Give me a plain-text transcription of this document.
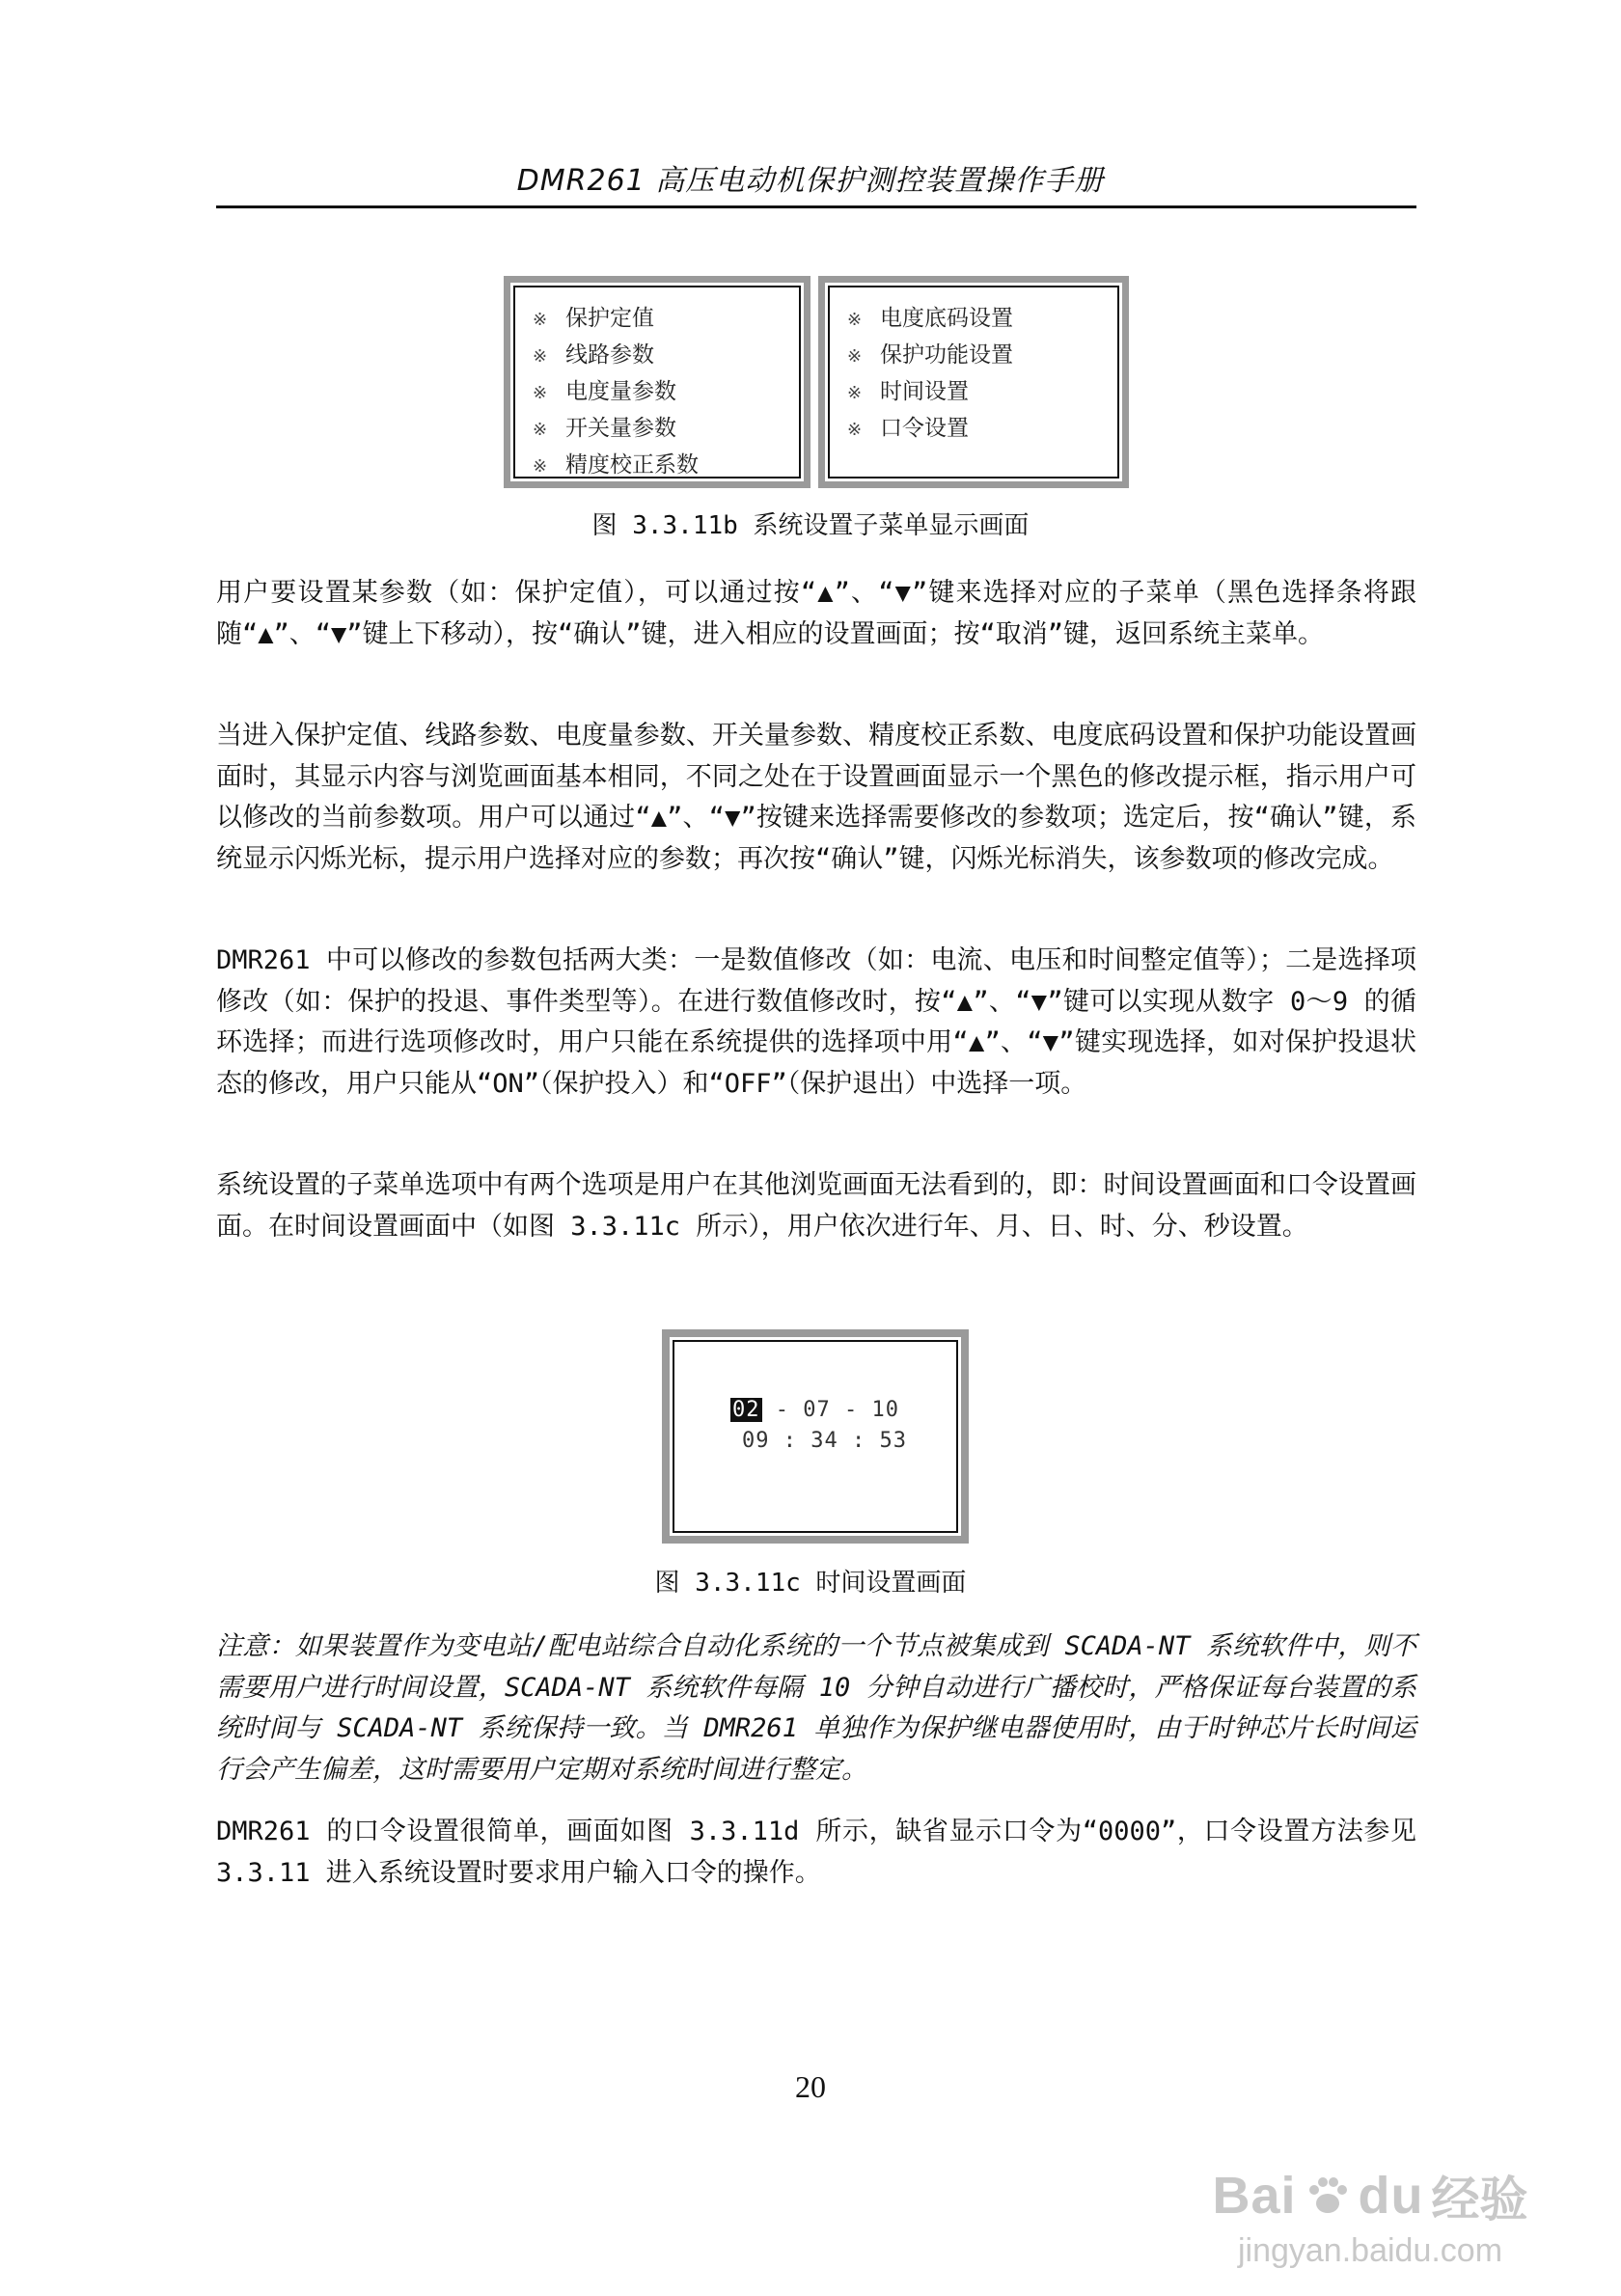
DMR261 高压电动机保护测控装置操作手册
※ 保护定值
※ 线路参数
※ 电度量参数
※ 开关量参数
※ 精度校正系数
※ 电度底码设置
※ 保护功能设置
※ 时间设置
※ 口令设置
图 3.3.11b 系统设置子菜单显示画面

用户要设置某参数（如：保护定值），可以通过按“▲”、“▼”键来选择对应的子菜单（黑色选择条将跟随“▲”、“▼”键上下移动），按“确认”键，进入相应的设置画面；按“取消”键，返回系统主菜单。

当进入保护定值、线路参数、电度量参数、开关量参数、精度校正系数、电度底码设置和保护功能设置画面时，其显示内容与浏览画面基本相同，不同之处在于设置画面显示一个黑色的修改提示框，指示用户可以修改的当前参数项。用户可以通过“▲”、“▼”按键来选择需要修改的参数项；选定后，按“确认”键，系统显示闪烁光标，提示用户选择对应的参数；再次按“确认”键，闪烁光标消失，该参数项的修改完成。

DMR261 中可以修改的参数包括两大类：一是数值修改（如：电流、电压和时间整定值等）；二是选择项修改（如：保护的投退、事件类型等）。在进行数值修改时，按“▲”、“▼”键可以实现从数字 0～9 的循环选择；而进行选项修改时，用户只能在系统提供的选择项中用“▲”、“▼”键实现选择，如对保护投退状态的修改，用户只能从“ON”（保护投入）和“OFF”（保护退出）中选择一项。

系统设置的子菜单选项中有两个选项是用户在其他浏览画面无法看到的，即：时间设置画面和口令设置画面。在时间设置画面中（如图 3.3.11c 所示），用户依次进行年、月、日、时、分、秒设置。

02 - 07 - 10
09 : 34 : 53
图 3.3.11c 时间设置画面

注意：如果装置作为变电站/配电站综合自动化系统的一个节点被集成到 SCADA-NT 系统软件中，则不需要用户进行时间设置，SCADA-NT 系统软件每隔 10 分钟自动进行广播校时，严格保证每台装置的系统时间与 SCADA-NT 系统保持一致。当 DMR261 单独作为保护继电器使用时，由于时钟芯片长时间运行会产生偏差，这时需要用户定期对系统时间进行整定。

DMR261 的口令设置很简单，画面如图 3.3.11d 所示，缺省显示口令为“0000”，口令设置方法参见 3.3.11 进入系统设置时要求用户输入口令的操作。

20
Bai du 经验
jingyan.baidu.com
